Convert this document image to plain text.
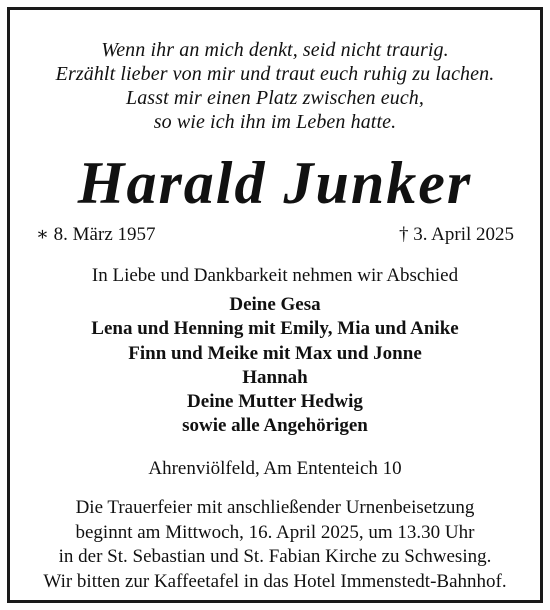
Wenn ihr an mich denkt, seid nicht traurig.
Erzählt lieber von mir und traut euch ruhig zu lachen.
Lasst mir einen Platz zwischen euch,
so wie ich ihn im Leben hatte.
Harald Junker
∗ 8. März 1957	† 3. April 2025
In Liebe und Dankbarkeit nehmen wir Abschied
Deine Gesa
Lena und Henning mit Emily, Mia und Anike
Finn und Meike mit Max und Jonne
Hannah
Deine Mutter Hedwig
sowie alle Angehörigen
Ahrenviölfeld, Am Ententeich 10
Die Trauerfeier mit anschließender Urnenbeisetzung
beginnt am Mittwoch, 16. April 2025, um 13.30 Uhr
in der St. Sebastian und St. Fabian Kirche zu Schwesing.
Wir bitten zur Kaffeetafel in das Hotel Immenstedt-Bahnhof.
